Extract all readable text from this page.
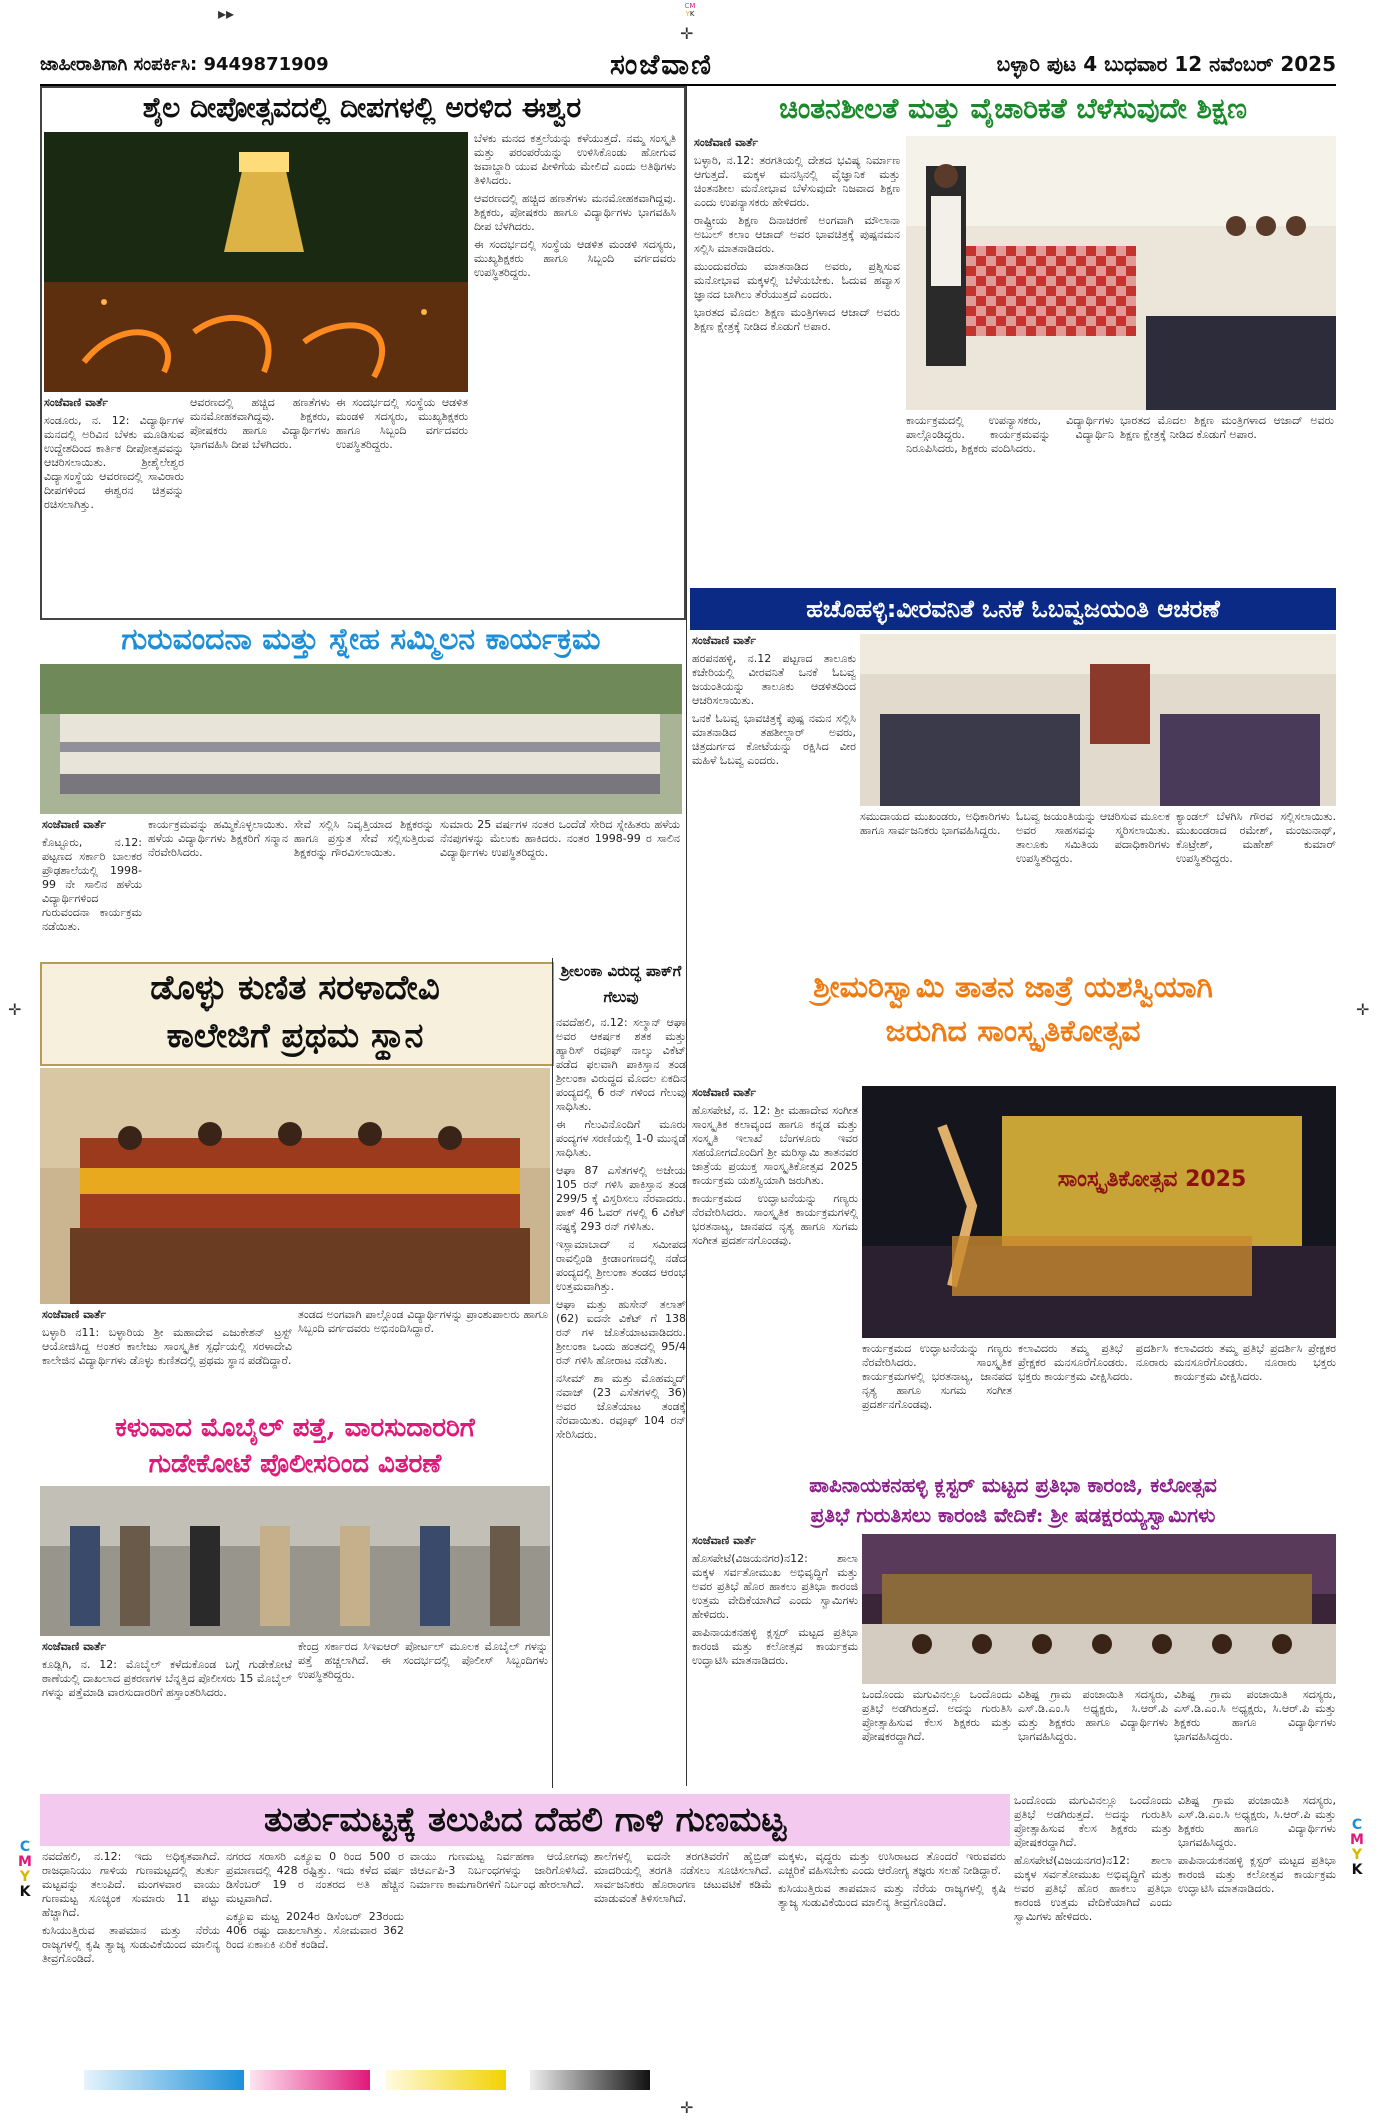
▸▸	CM
YK
✛
ಜಾಹೀರಾತಿಗಾಗಿ ಸಂಪರ್ಕಿಸಿ: 9449871909	ಸಂಜೆವಾಣಿ	ಬಳ್ಳಾರಿ ಪುಟ 4 ಬುಧವಾರ 12 ನವೆಂಬರ್ 2025
ಶೈಲ ದೀಪೋತ್ಸವದಲ್ಲಿ ದೀಪಗಳಲ್ಲಿ ಅರಳಿದ ಈಶ್ವರ

ಸಂಜೆವಾಣಿ ವಾರ್ತೆ

ಸಂಡೂರು, ನ. 12: ವಿದ್ಯಾರ್ಥಿಗಳ ಮನದಲ್ಲಿ ಅರಿವಿನ ಬೆಳಕು ಮೂಡಿಸುವ ಉದ್ದೇಶದಿಂದ ಕಾರ್ತಿಕ ದೀಪೋತ್ಸವವನ್ನು ಆಚರಿಸಲಾಯಿತು. ಶ್ರೀಶೈಲೇಶ್ವರ ವಿದ್ಯಾಸಂಸ್ಥೆಯ ಆವರಣದಲ್ಲಿ ಸಾವಿರಾರು ದೀಪಗಳಿಂದ ಈಶ್ವರನ ಚಿತ್ರವನ್ನು ರಚಿಸಲಾಗಿತ್ತು.

ಆವರಣದಲ್ಲಿ ಹಚ್ಚಿದ ಹಣತೆಗಳು ಮನಮೋಹಕವಾಗಿದ್ದವು. ಶಿಕ್ಷಕರು, ಪೋಷಕರು ಹಾಗೂ ವಿದ್ಯಾರ್ಥಿಗಳು ಭಾಗವಹಿಸಿ ದೀಪ ಬೆಳಗಿದರು.

ಈ ಸಂದರ್ಭದಲ್ಲಿ ಸಂಸ್ಥೆಯ ಆಡಳಿತ ಮಂಡಳಿ ಸದಸ್ಯರು, ಮುಖ್ಯಶಿಕ್ಷಕರು ಹಾಗೂ ಸಿಬ್ಬಂದಿ ವರ್ಗದವರು ಉಪಸ್ಥಿತರಿದ್ದರು.

ಬೆಳಕು ಮನದ ಕತ್ತಲೆಯನ್ನು ಕಳೆಯುತ್ತದೆ. ನಮ್ಮ ಸಂಸ್ಕೃತಿ ಮತ್ತು ಪರಂಪರೆಯನ್ನು ಉಳಿಸಿಕೊಂಡು ಹೋಗುವ ಜವಾಬ್ದಾರಿ ಯುವ ಪೀಳಿಗೆಯ ಮೇಲಿದೆ ಎಂದು ಅತಿಥಿಗಳು ತಿಳಿಸಿದರು.

ಆವರಣದಲ್ಲಿ ಹಚ್ಚಿದ ಹಣತೆಗಳು ಮನಮೋಹಕವಾಗಿದ್ದವು. ಶಿಕ್ಷಕರು, ಪೋಷಕರು ಹಾಗೂ ವಿದ್ಯಾರ್ಥಿಗಳು ಭಾಗವಹಿಸಿ ದೀಪ ಬೆಳಗಿದರು.

ಈ ಸಂದರ್ಭದಲ್ಲಿ ಸಂಸ್ಥೆಯ ಆಡಳಿತ ಮಂಡಳಿ ಸದಸ್ಯರು, ಮುಖ್ಯಶಿಕ್ಷಕರು ಹಾಗೂ ಸಿಬ್ಬಂದಿ ವರ್ಗದವರು ಉಪಸ್ಥಿತರಿದ್ದರು.

ಚಿಂತನಶೀಲತೆ ಮತ್ತು ವೈಚಾರಿಕತೆ ಬೆಳೆಸುವುದೇ ಶಿಕ್ಷಣ

ಸಂಜೆವಾಣಿ ವಾರ್ತೆ

ಬಳ್ಳಾರಿ, ನ.12: ತರಗತಿಯಲ್ಲಿ ದೇಶದ ಭವಿಷ್ಯ ನಿರ್ಮಾಣ ಆಗುತ್ತದೆ. ಮಕ್ಕಳ ಮನಸ್ಸಿನಲ್ಲಿ ವೈಜ್ಞಾನಿಕ ಮತ್ತು ಚಿಂತನಶೀಲ ಮನೋಭಾವ ಬೆಳೆಸುವುದೇ ನಿಜವಾದ ಶಿಕ್ಷಣ ಎಂದು ಉಪನ್ಯಾಸಕರು ಹೇಳಿದರು.

ರಾಷ್ಟ್ರೀಯ ಶಿಕ್ಷಣ ದಿನಾಚರಣೆ ಅಂಗವಾಗಿ ಮೌಲಾನಾ ಅಬುಲ್ ಕಲಾಂ ಆಜಾದ್ ಅವರ ಭಾವಚಿತ್ರಕ್ಕೆ ಪುಷ್ಪನಮನ ಸಲ್ಲಿಸಿ ಮಾತನಾಡಿದರು.

ಮುಂದುವರೆದು ಮಾತನಾಡಿದ ಅವರು, ಪ್ರಶ್ನಿಸುವ ಮನೋಭಾವ ಮಕ್ಕಳಲ್ಲಿ ಬೆಳೆಯಬೇಕು. ಓದುವ ಹವ್ಯಾಸ ಜ್ಞಾನದ ಬಾಗಿಲು ತೆರೆಯುತ್ತದೆ ಎಂದರು.

ಭಾರತದ ಮೊದಲ ಶಿಕ್ಷಣ ಮಂತ್ರಿಗಳಾದ ಆಜಾದ್ ಅವರು ಶಿಕ್ಷಣ ಕ್ಷೇತ್ರಕ್ಕೆ ನೀಡಿದ ಕೊಡುಗೆ ಅಪಾರ.

ಕಾರ್ಯಕ್ರಮದಲ್ಲಿ ಉಪನ್ಯಾಸಕರು, ವಿದ್ಯಾರ್ಥಿಗಳು ಪಾಲ್ಗೊಂಡಿದ್ದರು. ಕಾರ್ಯಕ್ರಮವನ್ನು ವಿದ್ಯಾರ್ಥಿನಿ ನಿರೂಪಿಸಿದರು, ಶಿಕ್ಷಕರು ವಂದಿಸಿದರು.

ಭಾರತದ ಮೊದಲ ಶಿಕ್ಷಣ ಮಂತ್ರಿಗಳಾದ ಆಜಾದ್ ಅವರು ಶಿಕ್ಷಣ ಕ್ಷೇತ್ರಕ್ಕೆ ನೀಡಿದ ಕೊಡುಗೆ ಅಪಾರ.

ಗುರುವಂದನಾ ಮತ್ತು ಸ್ನೇಹ ಸಮ್ಮಿಲನ ಕಾರ್ಯಕ್ರಮ

ಸಂಜೆವಾಣಿ ವಾರ್ತೆ

ಕೊಟ್ಟೂರು, ನ.12: ಪಟ್ಟಣದ ಸರ್ಕಾರಿ ಬಾಲಕರ ಪ್ರೌಢಶಾಲೆಯಲ್ಲಿ 1998-99 ನೇ ಸಾಲಿನ ಹಳೆಯ ವಿದ್ಯಾರ್ಥಿಗಳಿಂದ ಗುರುವಂದನಾ ಕಾರ್ಯಕ್ರಮ ನಡೆಯಿತು.

ಕಾರ್ಯಕ್ರಮವನ್ನು ಹಮ್ಮಿಕೊಳ್ಳಲಾಯಿತು. ಹಳೆಯ ವಿದ್ಯಾರ್ಥಿಗಳು ಶಿಕ್ಷಕರಿಗೆ ಸನ್ಮಾನ ನೆರವೇರಿಸಿದರು.

ಸೇವೆ ಸಲ್ಲಿಸಿ ನಿವೃತ್ತಿಯಾದ ಶಿಕ್ಷಕರನ್ನು ಹಾಗೂ ಪ್ರಸ್ತುತ ಸೇವೆ ಸಲ್ಲಿಸುತ್ತಿರುವ ಶಿಕ್ಷಕರನ್ನು ಗೌರವಿಸಲಾಯಿತು.

ಸುಮಾರು 25 ವರ್ಷಗಳ ನಂತರ ಒಂದೆಡೆ ಸೇರಿದ ಸ್ನೇಹಿತರು ಹಳೆಯ ನೆನಪುಗಳನ್ನು ಮೆಲುಕು ಹಾಕಿದರು. ನಂತರ 1998-99 ರ ಸಾಲಿನ ವಿದ್ಯಾರ್ಥಿಗಳು ಉಪಸ್ಥಿತರಿದ್ದರು.

ಡೊಳ್ಳು ಕುಣಿತ ಸರಳಾದೇವಿ
ಕಾಲೇಜಿಗೆ ಪ್ರಥಮ ಸ್ಥಾನ

ಸಂಜೆವಾಣಿ ವಾರ್ತೆ

ಬಳ್ಳಾರಿ ನ11: ಬಳ್ಳಾರಿಯ ಶ್ರೀ ಮಹಾದೇವ ಎಜುಕೇಶನ್ ಟ್ರಸ್ಟ್ ಆಯೋಜಿಸಿದ್ದ ಅಂತರ ಕಾಲೇಜು ಸಾಂಸ್ಕೃತಿಕ ಸ್ಪರ್ಧೆಯಲ್ಲಿ ಸರಳಾದೇವಿ ಕಾಲೇಜಿನ ವಿದ್ಯಾರ್ಥಿಗಳು ಡೊಳ್ಳು ಕುಣಿತದಲ್ಲಿ ಪ್ರಥಮ ಸ್ಥಾನ ಪಡೆದಿದ್ದಾರೆ.

ತಂಡದ ಅಂಗವಾಗಿ ಪಾಲ್ಗೊಂಡ ವಿದ್ಯಾರ್ಥಿಗಳನ್ನು ಪ್ರಾಂಶುಪಾಲರು ಹಾಗೂ ಸಿಬ್ಬಂದಿ ವರ್ಗದವರು ಅಭಿನಂದಿಸಿದ್ದಾರೆ.

ಕಳುವಾದ ಮೊಬೈಲ್ ಪತ್ತೆ, ವಾರಸುದಾರರಿಗೆ
ಗುಡೇಕೋಟೆ ಪೊಲೀಸರಿಂದ ವಿತರಣೆ

ಸಂಜೆವಾಣಿ ವಾರ್ತೆ

ಕೂಡ್ಲಿಗಿ, ನ. 12: ಮೊಬೈಲ್ ಕಳೆದುಕೊಂಡ ಬಗ್ಗೆ ಗುಡೇಕೋಟೆ ಠಾಣೆಯಲ್ಲಿ ದಾಖಲಾದ ಪ್ರಕರಣಗಳ ಬೆನ್ನತ್ತಿದ ಪೊಲೀಸರು 15 ಮೊಬೈಲ್ ಗಳನ್ನು ಪತ್ತೆಮಾಡಿ ವಾರಸುದಾರರಿಗೆ ಹಸ್ತಾಂತರಿಸಿದರು.

ಕೇಂದ್ರ ಸರ್ಕಾರದ ಸಿಇಐಆರ್ ಪೋರ್ಟಲ್ ಮೂಲಕ ಮೊಬೈಲ್ ಗಳನ್ನು ಪತ್ತೆ ಹಚ್ಚಲಾಗಿದೆ. ಈ ಸಂದರ್ಭದಲ್ಲಿ ಪೊಲೀಸ್ ಸಿಬ್ಬಂದಿಗಳು ಉಪಸ್ಥಿತರಿದ್ದರು.

ಶ್ರೀಲಂಕಾ ವಿರುದ್ಧ ಪಾಕ್‌ಗೆ ಗೆಲುವು

ನವದೆಹಲಿ, ನ.12: ಸಲ್ಮಾನ್ ಆಘಾ ಅವರ ಆಕರ್ಷಕ ಶತಕ ಮತ್ತು ಹ್ಯಾರಿಸ್ ರವೂಫ್ ನಾಲ್ಕು ವಿಕೆಟ್ ಪಡೆದ ಫಲವಾಗಿ ಪಾಕಿಸ್ತಾನ ತಂಡ ಶ್ರೀಲಂಕಾ ವಿರುದ್ಧದ ಮೊದಲ ಏಕದಿನ ಪಂದ್ಯದಲ್ಲಿ 6 ರನ್ ಗಳಿಂದ ಗೆಲುವು ಸಾಧಿಸಿತು.

ಈ ಗೆಲುವಿನೊಂದಿಗೆ ಮೂರು ಪಂದ್ಯಗಳ ಸರಣಿಯಲ್ಲಿ 1-0 ಮುನ್ನಡೆ ಸಾಧಿಸಿತು.

ಆಘಾ 87 ಎಸೆತಗಳಲ್ಲಿ ಅಜೇಯ 105 ರನ್ ಗಳಿಸಿ ಪಾಕಿಸ್ತಾನ ತಂಡ 299/5 ಕ್ಕೆ ವಿಸ್ತರಿಸಲು ನೆರವಾದರು. ಪಾಕ್ 46 ಓವರ್ ಗಳಲ್ಲಿ 6 ವಿಕೆಟ್ ನಷ್ಟಕ್ಕೆ 293 ರನ್ ಗಳಿಸಿತು.

ಇಸ್ಲಾಮಾಬಾದ್ ನ ಸಮೀಪದ ರಾವಲ್ಪಿಂಡಿ ಕ್ರೀಡಾಂಗಣದಲ್ಲಿ ನಡೆದ ಪಂದ್ಯದಲ್ಲಿ ಶ್ರೀಲಂಕಾ ತಂಡದ ಆರಂಭ ಉತ್ತಮವಾಗಿತ್ತು.

ಆಘಾ ಮತ್ತು ಹುಸೇನ್ ತಲಾತ್ (62) ಐದನೇ ವಿಕೆಟ್ ಗೆ 138 ರನ್ ಗಳ ಜೊತೆಯಾಟವಾಡಿದರು. ಶ್ರೀಲಂಕಾ ಒಂದು ಹಂತದಲ್ಲಿ 95/4 ರನ್ ಗಳಿಸಿ ಹೋರಾಟ ನಡೆಸಿತು.

ನಸೀಮ್ ಶಾ ಮತ್ತು ಮೊಹಮ್ಮದ್ ನವಾಜ್ (23 ಎಸೆತಗಳಲ್ಲಿ 36) ಅವರ ಜೊತೆಯಾಟ ತಂಡಕ್ಕೆ ನೆರವಾಯಿತು. ರವೂಫ್ 104 ರನ್ ಸೇರಿಸಿದರು.

ಹಚೊಹಳ್ಳಿ:ವೀರವನಿತೆ ಒನಕೆ ಓಬವ್ವಜಯಂತಿ ಆಚರಣೆ

ಸಂಜೆವಾಣಿ ವಾರ್ತೆ

ಹರಪನಹಳ್ಳಿ, ನ.12 ಪಟ್ಟಣದ ತಾಲೂಕು ಕಚೇರಿಯಲ್ಲಿ ವೀರವನಿತೆ ಒನಕೆ ಓಬವ್ವ ಜಯಂತಿಯನ್ನು ತಾಲೂಕು ಆಡಳಿತದಿಂದ ಆಚರಿಸಲಾಯಿತು.

ಒನಕೆ ಓಬವ್ವ ಭಾವಚಿತ್ರಕ್ಕೆ ಪುಷ್ಪ ನಮನ ಸಲ್ಲಿಸಿ ಮಾತನಾಡಿದ ತಹಶೀಲ್ದಾರ್ ಅವರು, ಚಿತ್ರದುರ್ಗದ ಕೋಟೆಯನ್ನು ರಕ್ಷಿಸಿದ ವೀರ ಮಹಿಳೆ ಓಬವ್ವ ಎಂದರು.

ಸಮುದಾಯದ ಮುಖಂಡರು, ಅಧಿಕಾರಿಗಳು ಹಾಗೂ ಸಾರ್ವಜನಿಕರು ಭಾಗವಹಿಸಿದ್ದರು.

ಓಬವ್ವ ಜಯಂತಿಯನ್ನು ಆಚರಿಸುವ ಮೂಲಕ ಅವರ ಸಾಹಸವನ್ನು ಸ್ಮರಿಸಲಾಯಿತು. ತಾಲೂಕು ಸಮಿತಿಯ ಪದಾಧಿಕಾರಿಗಳು ಉಪಸ್ಥಿತರಿದ್ದರು.

ಕ್ಯಾಂಡಲ್ ಬೆಳಗಿಸಿ ಗೌರವ ಸಲ್ಲಿಸಲಾಯಿತು. ಮುಖಂಡರಾದ ರಮೇಶ್, ಮಂಜುನಾಥ್, ಕೊಟ್ರೇಶ್, ಮಹೇಶ್ ಕುಮಾರ್ ಉಪಸ್ಥಿತರಿದ್ದರು.

ಶ್ರೀಮರಿಸ್ವಾಮಿ ತಾತನ ಜಾತ್ರೆ ಯಶಸ್ವಿಯಾಗಿ
ಜರುಗಿದ ಸಾಂಸ್ಕೃತಿಕೋತ್ಸವ

ಸಂಜೆವಾಣಿ ವಾರ್ತೆ

ಹೊಸಪೇಟೆ, ನ. 12: ಶ್ರೀ ಮಹಾದೇವ ಸಂಗೀತ ಸಾಂಸ್ಕೃತಿಕ ಕಲಾವೃಂದ ಹಾಗೂ ಕನ್ನಡ ಮತ್ತು ಸಂಸ್ಕೃತಿ ಇಲಾಖೆ ಬೆಂಗಳೂರು ಇವರ ಸಹಯೋಗದೊಂದಿಗೆ ಶ್ರೀ ಮರಿಸ್ವಾಮಿ ತಾತನವರ ಜಾತ್ರೆಯ ಪ್ರಯುಕ್ತ ಸಾಂಸ್ಕೃತಿಕೋತ್ಸವ 2025 ಕಾರ್ಯಕ್ರಮ ಯಶಸ್ವಿಯಾಗಿ ಜರುಗಿತು.

ಕಾರ್ಯಕ್ರಮದ ಉದ್ಘಾಟನೆಯನ್ನು ಗಣ್ಯರು ನೆರವೇರಿಸಿದರು. ಸಾಂಸ್ಕೃತಿಕ ಕಾರ್ಯಕ್ರಮಗಳಲ್ಲಿ ಭರತನಾಟ್ಯ, ಜಾನಪದ ನೃತ್ಯ ಹಾಗೂ ಸುಗಮ ಸಂಗೀತ ಪ್ರದರ್ಶನಗೊಂಡವು.

ಸಾಂಸ್ಕೃತಿಕೋತ್ಸವ 2025

ಕಾರ್ಯಕ್ರಮದ ಉದ್ಘಾಟನೆಯನ್ನು ಗಣ್ಯರು ನೆರವೇರಿಸಿದರು. ಸಾಂಸ್ಕೃತಿಕ ಕಾರ್ಯಕ್ರಮಗಳಲ್ಲಿ ಭರತನಾಟ್ಯ, ಜಾನಪದ ನೃತ್ಯ ಹಾಗೂ ಸುಗಮ ಸಂಗೀತ ಪ್ರದರ್ಶನಗೊಂಡವು.

ಕಲಾವಿದರು ತಮ್ಮ ಪ್ರತಿಭೆ ಪ್ರದರ್ಶಿಸಿ ಪ್ರೇಕ್ಷಕರ ಮನಸೂರೆಗೊಂಡರು. ನೂರಾರು ಭಕ್ತರು ಕಾರ್ಯಕ್ರಮ ವೀಕ್ಷಿಸಿದರು.

ಕಲಾವಿದರು ತಮ್ಮ ಪ್ರತಿಭೆ ಪ್ರದರ್ಶಿಸಿ ಪ್ರೇಕ್ಷಕರ ಮನಸೂರೆಗೊಂಡರು. ನೂರಾರು ಭಕ್ತರು ಕಾರ್ಯಕ್ರಮ ವೀಕ್ಷಿಸಿದರು.

ಪಾಪಿನಾಯಕನಹಳ್ಳಿ ಕ್ಲಸ್ಟರ್ ಮಟ್ಟದ ಪ್ರತಿಭಾ ಕಾರಂಜಿ, ಕಲೋತ್ಸವ
ಪ್ರತಿಭೆ ಗುರುತಿಸಲು ಕಾರಂಜಿ ವೇದಿಕೆ: ಶ್ರೀ ಷಡಕ್ಷರಯ್ಯಸ್ವಾಮಿಗಳು

ಸಂಜೆವಾಣಿ ವಾರ್ತೆ

ಹೊಸಪೇಟೆ(ವಿಜಯನಗರ)ನ12: ಶಾಲಾ ಮಕ್ಕಳ ಸರ್ವತೋಮುಖ ಅಭಿವೃದ್ಧಿಗೆ ಮತ್ತು ಅವರ ಪ್ರತಿಭೆ ಹೊರ ಹಾಕಲು ಪ್ರತಿಭಾ ಕಾರಂಜಿ ಉತ್ತಮ ವೇದಿಕೆಯಾಗಿದೆ ಎಂದು ಸ್ವಾಮಿಗಳು ಹೇಳಿದರು.

ಪಾಪಿನಾಯಕನಹಳ್ಳಿ ಕ್ಲಸ್ಟರ್ ಮಟ್ಟದ ಪ್ರತಿಭಾ ಕಾರಂಜಿ ಮತ್ತು ಕಲೋತ್ಸವ ಕಾರ್ಯಕ್ರಮ ಉದ್ಘಾಟಿಸಿ ಮಾತನಾಡಿದರು.

ಒಂದೊಂದು ಮಗುವಿನಲ್ಲೂ ಒಂದೊಂದು ಪ್ರತಿಭೆ ಅಡಗಿರುತ್ತದೆ. ಅದನ್ನು ಗುರುತಿಸಿ ಪ್ರೋತ್ಸಾಹಿಸುವ ಕೆಲಸ ಶಿಕ್ಷಕರು ಮತ್ತು ಪೋಷಕರದ್ದಾಗಿದೆ.

ವಿಶಿಷ್ಟ ಗ್ರಾಮ ಪಂಚಾಯಿತಿ ಸದಸ್ಯರು, ಎಸ್.ಡಿ.ಎಂ.ಸಿ ಅಧ್ಯಕ್ಷರು, ಸಿ.ಆರ್.ಪಿ ಮತ್ತು ಶಿಕ್ಷಕರು ಹಾಗೂ ವಿದ್ಯಾರ್ಥಿಗಳು ಭಾಗವಹಿಸಿದ್ದರು.

ವಿಶಿಷ್ಟ ಗ್ರಾಮ ಪಂಚಾಯಿತಿ ಸದಸ್ಯರು, ಎಸ್.ಡಿ.ಎಂ.ಸಿ ಅಧ್ಯಕ್ಷರು, ಸಿ.ಆರ್.ಪಿ ಮತ್ತು ಶಿಕ್ಷಕರು ಹಾಗೂ ವಿದ್ಯಾರ್ಥಿಗಳು ಭಾಗವಹಿಸಿದ್ದರು.

ತುರ್ತುಮಟ್ಟಕ್ಕೆ ತಲುಪಿದ ದೆಹಲಿ ಗಾಳಿ ಗುಣಮಟ್ಟ

ನವದೆಹಲಿ, ನ.12: ಇದು ಅಧಿಕೃತವಾಗಿದೆ. ರಾಜಧಾನಿಯು ಗಾಳಿಯ ಗುಣಮಟ್ಟದಲ್ಲಿ ತುರ್ತು ಮಟ್ಟವನ್ನು ತಲುಪಿದೆ. ಮಂಗಳವಾರ ವಾಯು ಗುಣಮಟ್ಟ ಸೂಚ್ಯಂಕ ಸುಮಾರು 11 ಪಟ್ಟು ಹೆಚ್ಚಾಗಿದೆ.

ಕುಸಿಯುತ್ತಿರುವ ತಾಪಮಾನ ಮತ್ತು ನೆರೆಯ ರಾಜ್ಯಗಳಲ್ಲಿ ಕೃಷಿ ತ್ಯಾಜ್ಯ ಸುಡುವಿಕೆಯಿಂದ ಮಾಲಿನ್ಯ ತೀವ್ರಗೊಂಡಿದೆ.

ನಗರದ ಸರಾಸರಿ ಎಕ್ಯೂಐ 0 ರಿಂದ 500 ರ ಪ್ರಮಾಣದಲ್ಲಿ 428 ರಷ್ಟಿತ್ತು. ಇದು ಕಳೆದ ವರ್ಷ ಡಿಸೆಂಬರ್ 19 ರ ನಂತರದ ಅತಿ ಹೆಚ್ಚಿನ ಮಟ್ಟವಾಗಿದೆ.

ಎಕ್ಯೂಐ ಮಟ್ಟ 2024ರ ಡಿಸೆಂಬರ್ 23ರಂದು 406 ರಷ್ಟು ದಾಖಲಾಗಿತ್ತು. ಸೋಮವಾರ 362 ರಿಂದ ಏಕಾಏಕಿ ಏರಿಕೆ ಕಂಡಿದೆ.

ವಾಯು ಗುಣಮಟ್ಟ ನಿರ್ವಹಣಾ ಆಯೋಗವು ಜಿಆರ್ಎಪಿ-3 ನಿರ್ಬಂಧಗಳನ್ನು ಜಾರಿಗೊಳಿಸಿದೆ. ನಿರ್ಮಾಣ ಕಾಮಗಾರಿಗಳಿಗೆ ನಿರ್ಬಂಧ ಹೇರಲಾಗಿದೆ.

ಶಾಲೆಗಳಲ್ಲಿ ಐದನೇ ತರಗತಿವರೆಗೆ ಹೈಬ್ರಿಡ್ ಮಾದರಿಯಲ್ಲಿ ತರಗತಿ ನಡೆಸಲು ಸೂಚಿಸಲಾಗಿದೆ. ಸಾರ್ವಜನಿಕರು ಹೊರಾಂಗಣ ಚಟುವಟಿಕೆ ಕಡಿಮೆ ಮಾಡುವಂತೆ ತಿಳಿಸಲಾಗಿದೆ.

ಮಕ್ಕಳು, ವೃದ್ಧರು ಮತ್ತು ಉಸಿರಾಟದ ತೊಂದರೆ ಇರುವವರು ಎಚ್ಚರಿಕೆ ವಹಿಸಬೇಕು ಎಂದು ಆರೋಗ್ಯ ತಜ್ಞರು ಸಲಹೆ ನೀಡಿದ್ದಾರೆ.

ಕುಸಿಯುತ್ತಿರುವ ತಾಪಮಾನ ಮತ್ತು ನೆರೆಯ ರಾಜ್ಯಗಳಲ್ಲಿ ಕೃಷಿ ತ್ಯಾಜ್ಯ ಸುಡುವಿಕೆಯಿಂದ ಮಾಲಿನ್ಯ ತೀವ್ರಗೊಂಡಿದೆ.

ಒಂದೊಂದು ಮಗುವಿನಲ್ಲೂ ಒಂದೊಂದು ಪ್ರತಿಭೆ ಅಡಗಿರುತ್ತದೆ. ಅದನ್ನು ಗುರುತಿಸಿ ಪ್ರೋತ್ಸಾಹಿಸುವ ಕೆಲಸ ಶಿಕ್ಷಕರು ಮತ್ತು ಪೋಷಕರದ್ದಾಗಿದೆ.

ಹೊಸಪೇಟೆ(ವಿಜಯನಗರ)ನ12: ಶಾಲಾ ಮಕ್ಕಳ ಸರ್ವತೋಮುಖ ಅಭಿವೃದ್ಧಿಗೆ ಮತ್ತು ಅವರ ಪ್ರತಿಭೆ ಹೊರ ಹಾಕಲು ಪ್ರತಿಭಾ ಕಾರಂಜಿ ಉತ್ತಮ ವೇದಿಕೆಯಾಗಿದೆ ಎಂದು ಸ್ವಾಮಿಗಳು ಹೇಳಿದರು.

ವಿಶಿಷ್ಟ ಗ್ರಾಮ ಪಂಚಾಯಿತಿ ಸದಸ್ಯರು, ಎಸ್.ಡಿ.ಎಂ.ಸಿ ಅಧ್ಯಕ್ಷರು, ಸಿ.ಆರ್.ಪಿ ಮತ್ತು ಶಿಕ್ಷಕರು ಹಾಗೂ ವಿದ್ಯಾರ್ಥಿಗಳು ಭಾಗವಹಿಸಿದ್ದರು.

ಪಾಪಿನಾಯಕನಹಳ್ಳಿ ಕ್ಲಸ್ಟರ್ ಮಟ್ಟದ ಪ್ರತಿಭಾ ಕಾರಂಜಿ ಮತ್ತು ಕಲೋತ್ಸವ ಕಾರ್ಯಕ್ರಮ ಉದ್ಘಾಟಿಸಿ ಮಾತನಾಡಿದರು.

C
M
Y
K
C
M
Y
K
✛	✛
✛
